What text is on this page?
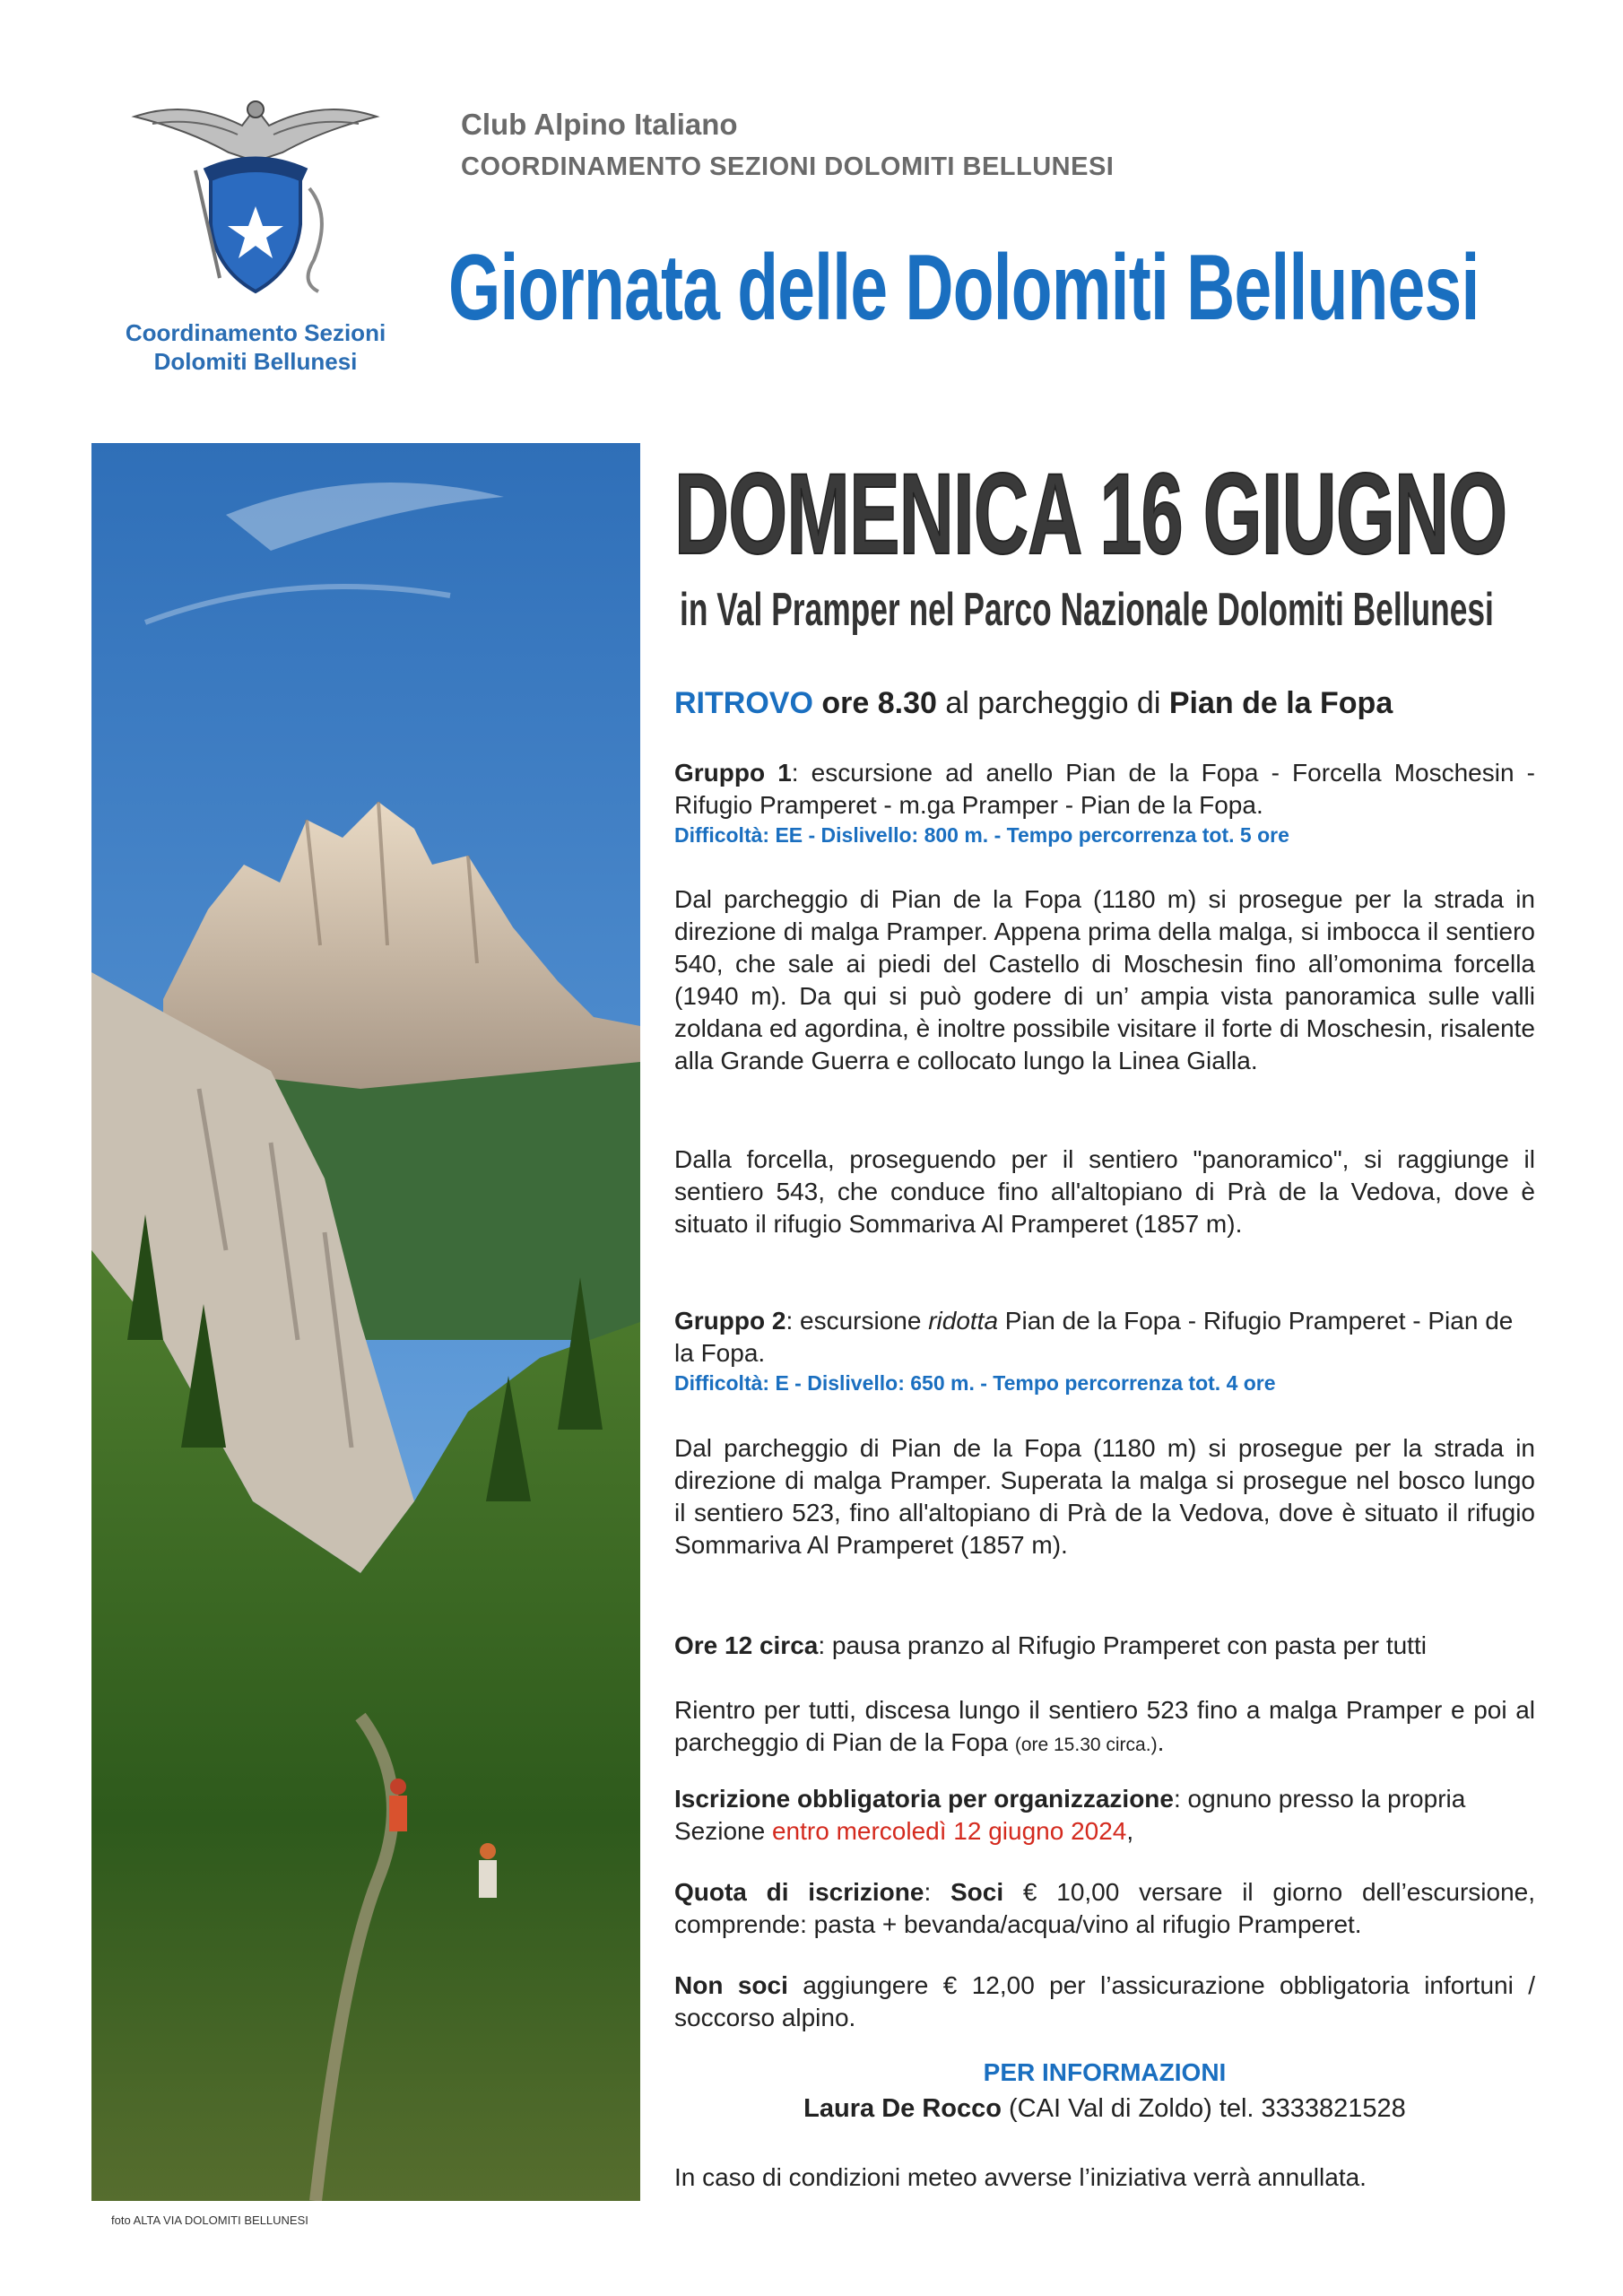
Coordinamento Sezioni
Dolomiti Bellunesi
Club Alpino Italiano
COORDINAMENTO SEZIONI DOLOMITI BELLUNESI
Giornata delle Dolomiti Bellunesi
foto ALTA VIA DOLOMITI BELLUNESI
DOMENICA 16 GIUGNO
in Val Pramper nel Parco Nazionale Dolomiti Bellunesi
RITROVO ore 8.30 al parcheggio di Pian de la Fopa
Gruppo 1: escursione ad anello Pian de la Fopa - Forcella Moschesin - Rifugio Pramperet - m.ga Pramper - Pian de la Fopa.
Difficoltà: EE - Dislivello: 800 m. - Tempo percorrenza tot. 5 ore
Dal parcheggio di Pian de la Fopa (1180 m) si prosegue per la strada in direzione di malga Pramper. Appena prima della malga, si imbocca il sentiero 540, che sale ai piedi del Castello di Moschesin fino all’omonima forcella (1940 m). Da qui si può godere di un’ ampia vista panoramica sulle valli zoldana ed agordina, è inoltre possibile visitare il forte di Moschesin, risalente alla Grande Guerra e collocato lungo la Linea Gialla.
Dalla forcella, proseguendo per il sentiero "panoramico", si raggiunge il sentiero 543, che conduce fino all'altopiano di Prà de la Vedova, dove è situato il rifugio Sommariva Al Pramperet (1857 m).
Gruppo 2: escursione ridotta Pian de la Fopa - Rifugio Pramperet - Pian de la Fopa.
Difficoltà: E - Dislivello: 650 m. - Tempo percorrenza tot. 4 ore
Dal parcheggio di Pian de la Fopa (1180 m) si prosegue per la strada in direzione di malga Pramper. Superata la malga si prosegue nel bosco lungo il sentiero 523, fino all'altopiano di Prà de la Vedova, dove è situato il rifugio Sommariva Al Pramperet (1857 m).
Ore 12 circa: pausa pranzo al Rifugio Pramperet con pasta per tutti
Rientro per tutti, discesa lungo il sentiero 523 fino a malga Pramper e poi al parcheggio di Pian de la Fopa (ore 15.30 circa.).
Iscrizione obbligatoria per organizzazione: ognuno presso la propria Sezione entro mercoledì 12 giugno 2024,
Quota di iscrizione: Soci € 10,00 versare il giorno dell’escursione, comprende: pasta + bevanda/acqua/vino al rifugio Pramperet.
Non soci aggiungere € 12,00 per l’assicurazione obbligatoria infortuni / soccorso alpino.
PER INFORMAZIONI
Laura De Rocco (CAI Val di Zoldo) tel. 3333821528
In caso di condizioni meteo avverse l’iniziativa verrà annullata.
